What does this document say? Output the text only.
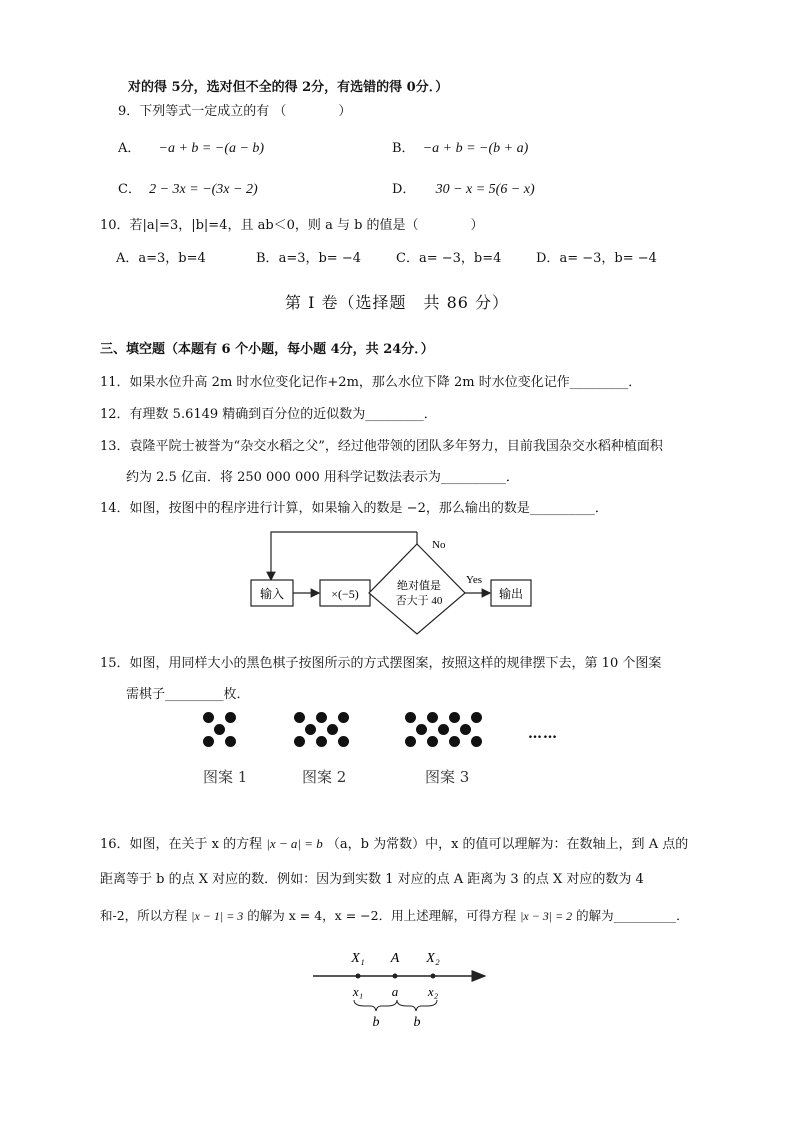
对的得 5分，选对但不全的得 2分，有选错的得 0分．）
9．下列等式一定成立的有 （　　　　）
A． −a + b = −(a − b)	B． −a + b = −(b + a)
C． 2 − 3x = −(3x − 2)	D． 30 − x = 5(6 − x)
10．若|a|=3，|b|=4，且 ab＜0，则 a 与 b 的值是（　　　　）
A．a=3，b=4	B．a=3，b= −4	C．a= −3，b=4	D．a= −3，b= −4
第 I 卷（选择题　共 86 分）
三、填空题（本题有 6 个小题，每小题 4分，共 24分．）
11．如果水位升高 2m 时水位变化记作+2m，那么水位下降 2m 时水位变化记作_________．
12．有理数 5.6149 精确到百分位的近似数为_________．
13．袁隆平院士被誉为“杂交水稻之父”，经过他带领的团队多年努力，目前我国杂交水稻种植面积
约为 2.5 亿亩．将 250 000 000 用科学记数法表示为__________．
14．如图，按图中的程序进行计算，如果输入的数是 −2，那么输出的数是__________．
输入	×(−5)
绝对值是
否大于 40
No
Yes
输出
15．如图，用同样大小的黑色棋子按图所示的方式摆图案，按照这样的规律摆下去，第 10 个图案
需棋子_________枚．
……
图案 1	图案 2	图案 3
16．如图，在关于 x 的方程 |x − a| = b （a，b 为常数）中，x 的值可以理解为：在数轴上，到 A 点的
距离等于 b 的点 X 对应的数．例如：因为到实数 1 对应的点 A 距离为 3 的点 X 对应的数为 4
和-2，所以方程 |x − 1| = 3 的解为 x = 4，x = −2．用上述理解，可得方程 |x − 3| = 2 的解为__________．
X₁ A X₂
x₁ a x₂
b b
